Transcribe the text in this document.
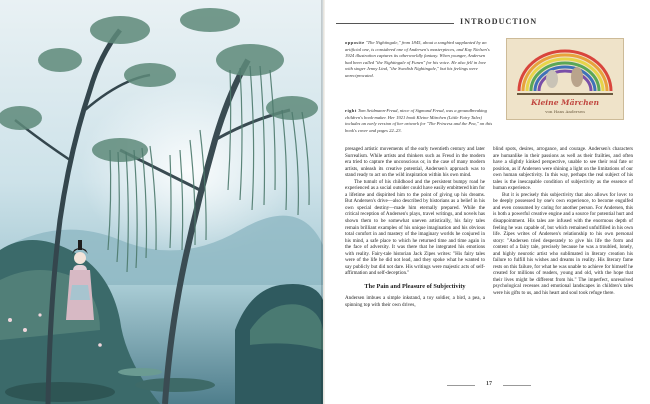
INTRODUCTION
opposite "The Nightingale," from 1845, about a songbird supplanted by an artificial one, is considered one of Andersen's masterpieces, and Kay Nielsen's 1924 illustration captures its otherworldly fantasy. When younger, Andersen had been called "the Nightingale of Funen" for his voice. He also fell in love with singer Jenny Lind, "the Swedish Nightingale," but his feelings were unreciprocated.
right Tom Seidmann-Freud, niece of Sigmund Freud, was a groundbreaking children's book-maker. Her 1921 book Kleine Märchen (Little Fairy Tales) includes an early version of her artwork for "The Princess and the Pea," on this book's cover and pages 22–23.
Kleine Märchen
von Hans Andersen

presaged artistic movements of the early twentieth century and later Surrealism. While artists and thinkers such as Freud in the modern era tried to capture the unconscious or, in the case of many modern artists, unleash its creative potential, Andersen's approach was to stand ready to act on the wild inspiration within his own mind.

The tumult of his childhood and the persistent bumpy road he experienced as a social outsider could have easily embittered him for a lifetime and dispirited him to the point of giving up his dreams. But Andersen's drive—also described by historians as a belief in his own special destiny—made him eternally prepared. While the critical reception of Andersen's plays, travel writings, and novels has shown them to be somewhat uneven artistically, his fairy tales remain brilliant examples of his unique imagination and his obvious total comfort in and mastery of the imaginary worlds he conjured in his mind, a safe place to which he returned time and time again in the face of adversity. It was there that he integrated his emotions with reality. Fairy-tale historian Jack Zipes writes: "His fairy tales were of the life he did not lead, and they spoke what he wanted to say publicly but did not dare. His writings were majestic acts of self-affirmation and self-deception."

The Pain and Pleasure of Subjectivity

Andersen imbues a simple inkstand, a toy soldier, a bird, a pea, a spinning top with their own drives,

blind spots, desires, arrogance, and courage. Andersen's characters are humanlike in their passions as well as their frailties, and often have a slightly kinked perspective, unable to see their real fate or position, as if Andersen were shining a light on the limitations of our own human subjectivity. In this way, perhaps the real subject of his tales is the inescapable condition of subjectivity as the essence of human experience.

But it is precisely this subjectivity that also allows for love: to be deeply possessed by one's own experience, to become engulfed and even consumed by caring for another person. For Andersen, this is both a powerful creative engine and a source for potential hurt and disappointment. His tales are infused with the enormous depth of feeling he was capable of, but which remained unfulfilled in his own life. Zipes writes of Andersen's relationship to his own personal story: "Andersen tried desperately to give his life the form and content of a fairy tale, precisely because he was a troubled, lonely, and highly neurotic artist who sublimated in literary creation his failure to fulfill his wishes and dreams in reality. His literary fame rests on this failure, for what he was unable to achieve for himself he created for millions of readers, young and old, with the hope that their lives might be different from his." The imperfect, unresolved psychological recesses and emotional landscapes in children's tales were his gifts to us, and his heart and soul took refuge there.

17
